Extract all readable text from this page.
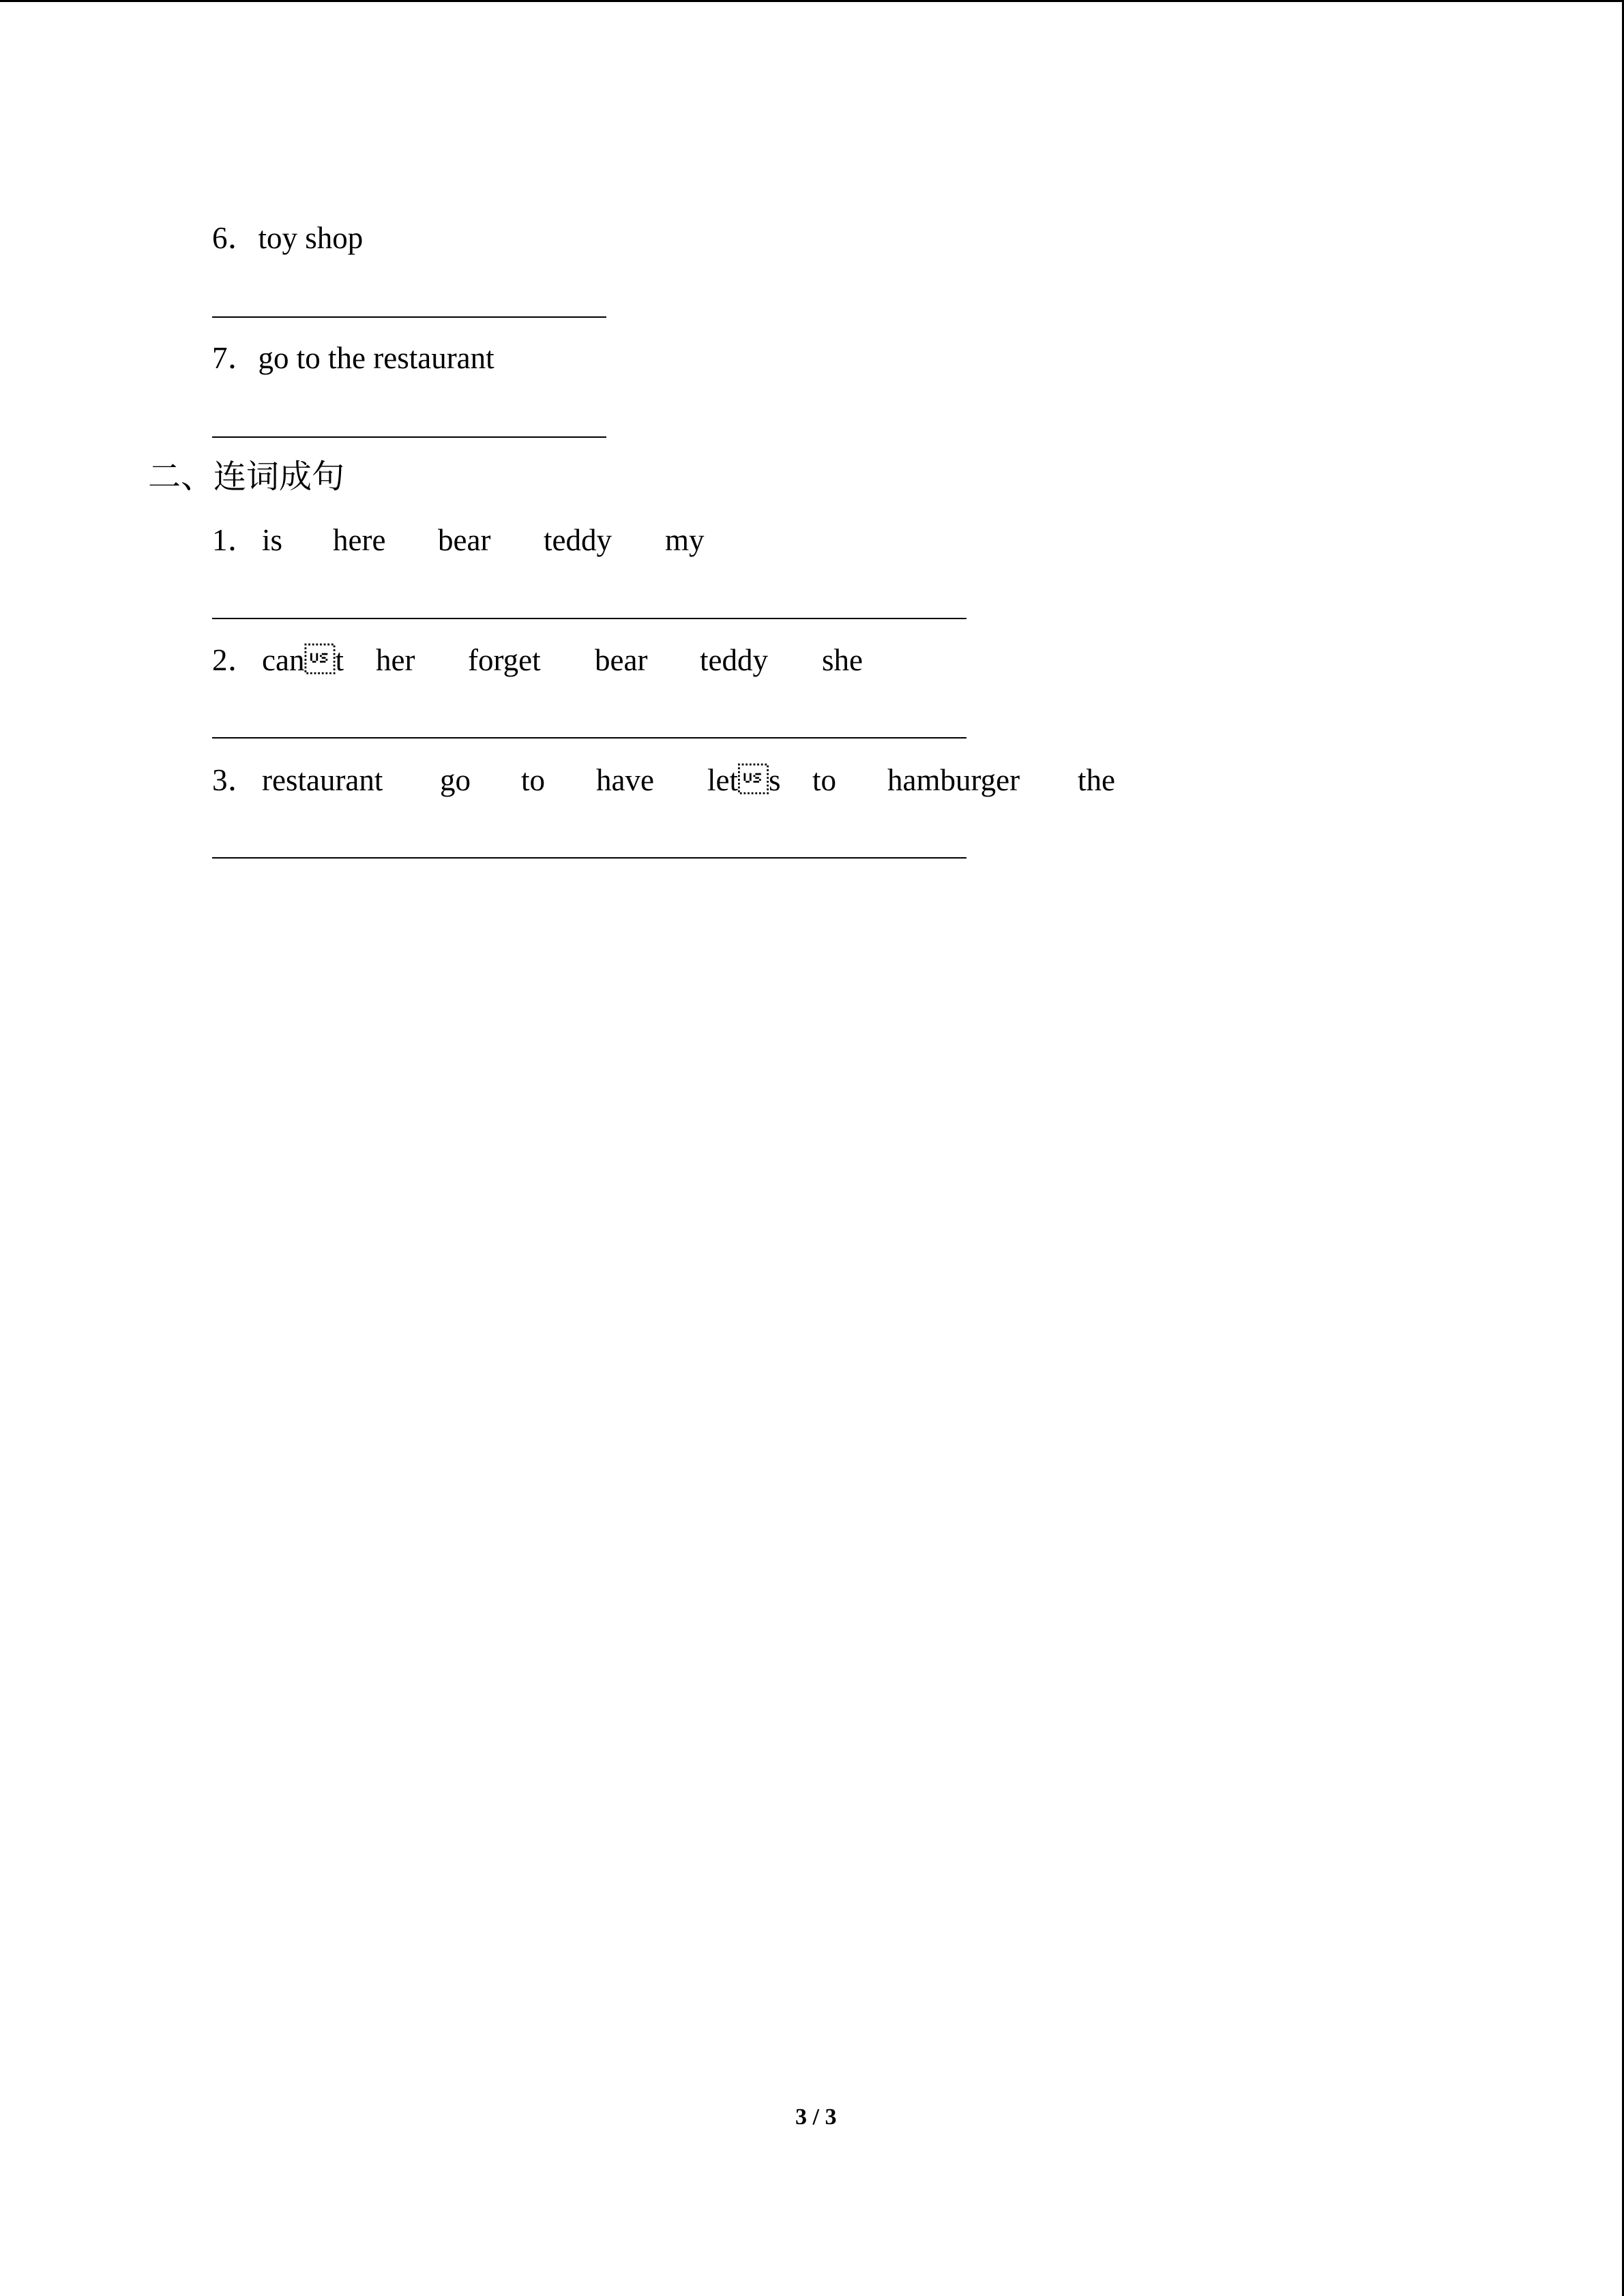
6．toy shop
7．go to the restaurant
二、连词成句
1． is here bear teddy my
2． cant her forget bear teddy she
3． restaurant go to have lets to hamburger the
3 / 3
